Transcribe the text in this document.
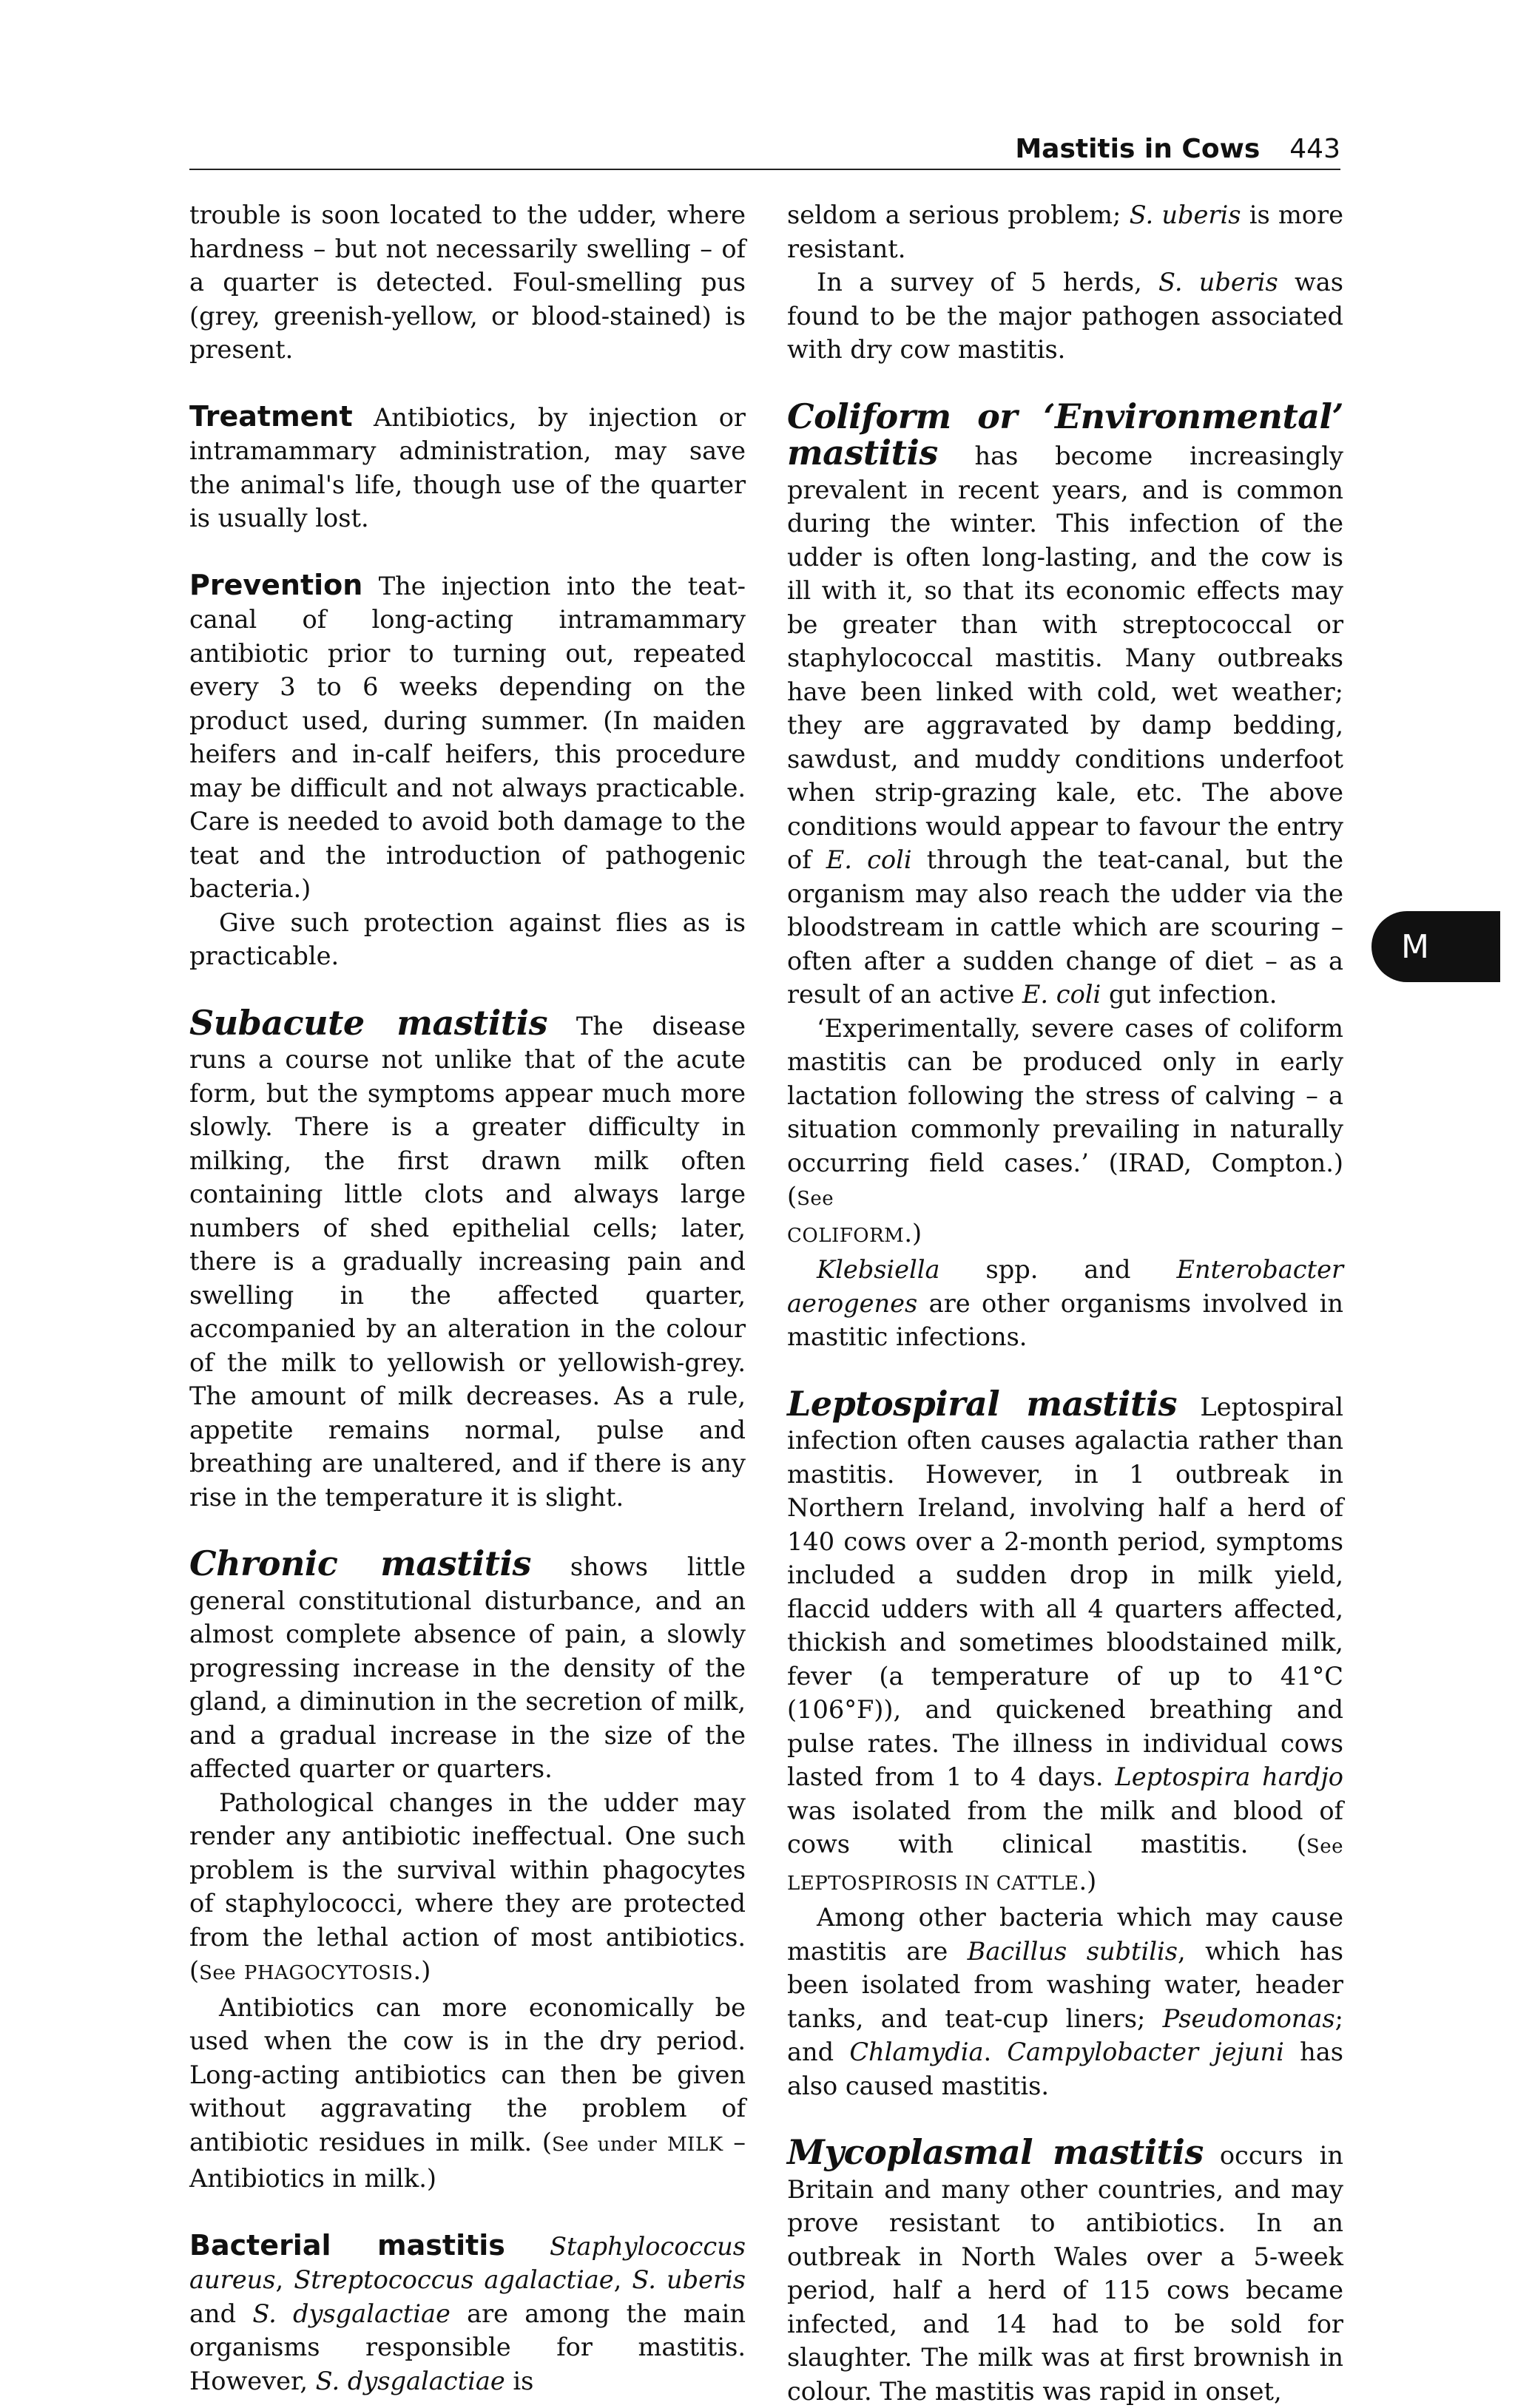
Mastitis in Cows 443

trouble is soon located to the udder, where hardness – but not necessarily swelling – of a quarter is detected. Foul-smelling pus (grey, greenish-yellow, or blood-stained) is present.

Treatment Antibiotics, by injection or intramammary administration, may save the animal's life, though use of the quarter is usually lost.

Prevention The injection into the teat-canal of long-acting intramammary antibiotic prior to turning out, repeated every 3 to 6 weeks depending on the product used, during summer. (In maiden heifers and in-calf heifers, this procedure may be difficult and not always practicable. Care is needed to avoid both damage to the teat and the introduction of pathogenic bacteria.)

Give such protection against flies as is practicable.

Subacute mastitis The disease runs a course not unlike that of the acute form, but the symptoms appear much more slowly. There is a greater difficulty in milking, the first drawn milk often containing little clots and always large numbers of shed epithelial cells; later, there is a gradually increasing pain and swelling in the affected quarter, accompanied by an alteration in the colour of the milk to yellowish or yellowish-grey. The amount of milk decreases. As a rule, appetite remains normal, pulse and breathing are unaltered, and if there is any rise in the temperature it is slight.

Chronic mastitis shows little general constitutional disturbance, and an almost complete absence of pain, a slowly progressing increase in the density of the gland, a diminution in the secretion of milk, and a gradual increase in the size of the affected quarter or quarters.

Pathological changes in the udder may render any antibiotic ineffectual. One such problem is the survival within phagocytes of staphylococci, where they are protected from the lethal action of most antibiotics. (See PHAGOCYTOSIS.)

Antibiotics can more economically be used when the cow is in the dry period. Long-acting antibiotics can then be given without aggravating the problem of antibiotic residues in milk. (See under MILK – Antibiotics in milk.)

Bacterial mastitis Staphylococcus aureus, Streptococcus agalactiae, S. uberis and S. dysgalactiae are among the main organisms responsible for mastitis. However, S. dysgalactiae is

seldom a serious problem; S. uberis is more resistant.

In a survey of 5 herds, S. uberis was found to be the major pathogen associated with dry cow mastitis.

Coliform or ‘Environmental’ mastitis has become increasingly prevalent in recent years, and is common during the winter. This infection of the udder is often long-lasting, and the cow is ill with it, so that its economic effects may be greater than with streptococcal or staphylococcal mastitis. Many outbreaks have been linked with cold, wet weather; they are aggravated by damp bedding, sawdust, and muddy conditions underfoot when strip-grazing kale, etc. The above conditions would appear to favour the entry of E. coli through the teat-canal, but the organism may also reach the udder via the bloodstream in cattle which are scouring – often after a sudden change of diet – as a result of an active E. coli gut infection.

‘Experimentally, severe cases of coliform mastitis can be produced only in early lactation following the stress of calving – a situation commonly prevailing in naturally occurring field cases.’ (IRAD, Compton.) (See
COLIFORM.)

Klebsiella spp. and Enterobacter aerogenes are other organisms involved in mastitic infections.

Leptospiral mastitis Leptospiral infection often causes agalactia rather than mastitis. However, in 1 outbreak in Northern Ireland, involving half a herd of 140 cows over a 2-month period, symptoms included a sudden drop in milk yield, flaccid udders with all 4 quarters affected, thickish and sometimes bloodstained milk, fever (a temperature of up to 41°C (106°F)), and quickened breathing and pulse rates. The illness in individual cows lasted from 1 to 4 days. Leptospira hardjo was isolated from the milk and blood of cows with clinical mastitis. (See LEPTOSPIROSIS IN CATTLE.)

Among other bacteria which may cause mastitis are Bacillus subtilis, which has been isolated from washing water, header tanks, and teat-cup liners; Pseudomonas; and Chlamydia. Campylobacter jejuni has also caused mastitis.

Mycoplasmal mastitis occurs in Britain and many other countries, and may prove resistant to antibiotics. In an outbreak in North Wales over a 5-week period, half a herd of 115 cows became infected, and 14 had to be sold for slaughter. The milk was at first brownish in colour. The mastitis was rapid in onset,

M
